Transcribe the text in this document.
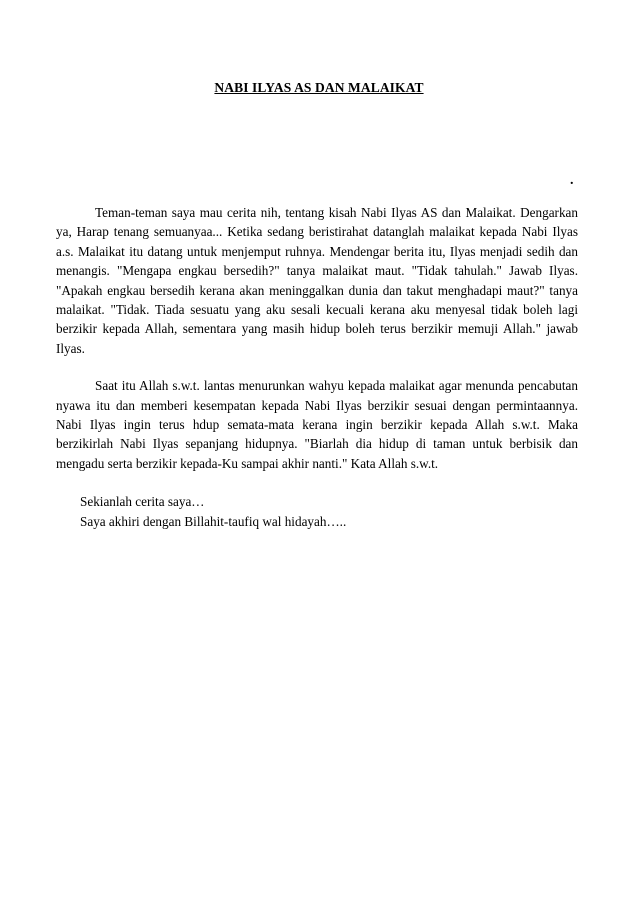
NABI ILYAS AS DAN MALAIKAT
.

Teman-teman saya mau cerita nih, tentang kisah Nabi Ilyas AS dan Malaikat. Dengarkan ya, Harap tenang semuanyaa... Ketika sedang beristirahat datanglah malaikat kepada Nabi Ilyas a.s. Malaikat itu datang untuk menjemput ruhnya. Mendengar berita itu, Ilyas menjadi sedih dan menangis. "Mengapa engkau bersedih?" tanya malaikat maut. "Tidak tahulah." Jawab Ilyas. "Apakah engkau bersedih kerana akan meninggalkan dunia dan takut menghadapi maut?" tanya malaikat. "Tidak. Tiada sesuatu yang aku sesali kecuali kerana aku menyesal tidak boleh lagi berzikir kepada Allah, sementara yang masih hidup boleh terus berzikir memuji Allah." jawab Ilyas.

Saat itu Allah s.w.t. lantas menurunkan wahyu kepada malaikat agar menunda pencabutan nyawa itu dan memberi kesempatan kepada Nabi Ilyas berzikir sesuai dengan permintaannya. Nabi Ilyas ingin terus hdup semata-mata kerana ingin berzikir kepada Allah s.w.t. Maka berzikirlah Nabi Ilyas sepanjang hidupnya. "Biarlah dia hidup di taman untuk berbisik dan mengadu serta berzikir kepada-Ku sampai akhir nanti." Kata Allah s.w.t.

Sekianlah cerita saya…
Saya akhiri dengan Billahit-taufiq wal hidayah…..
